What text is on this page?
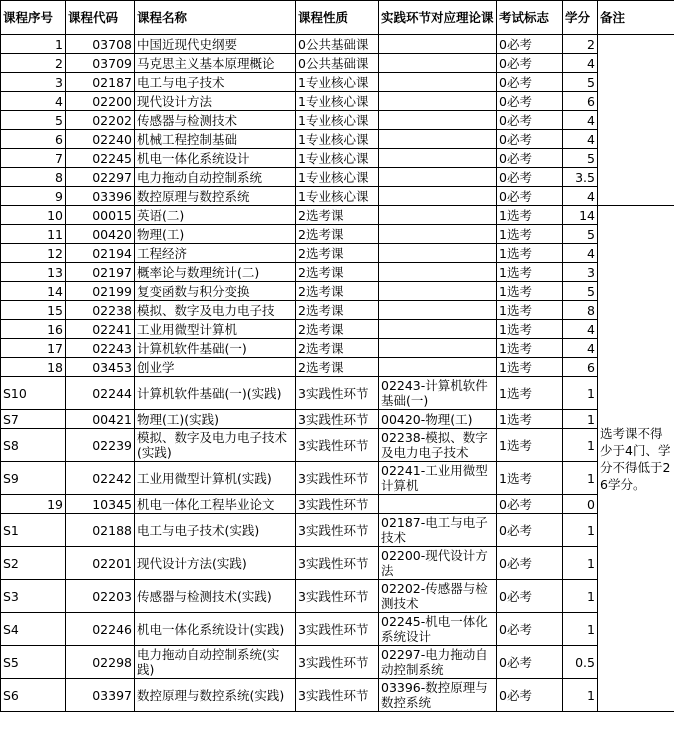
课程序号	课程代码	课程名称	课程性质	实践环节对应理论课	考试标志	学分	备注
1	03708	中国近现代史纲要	0公共基础课		0必考	2	
2	03709	马克思主义基本原理概论	0公共基础课		0必考	4	
3	02187	电工与电子技术	1专业核心课		0必考	5	
4	02200	现代设计方法	1专业核心课		0必考	6	
5	02202	传感器与检测技术	1专业核心课		0必考	4	
6	02240	机械工程控制基础	1专业核心课		0必考	4	
7	02245	机电一体化系统设计	1专业核心课		0必考	5	
8	02297	电力拖动自动控制系统	1专业核心课		0必考	3.5	
9	03396	数控原理与数控系统	1专业核心课		0必考	4	
10	00015	英语(二)	2选考课		1选考	14	选考课不得少于4门、学分不得低于26学分。
11	00420	物理(工)	2选考课		1选考	5	
12	02194	工程经济	2选考课		1选考	4	
13	02197	概率论与数理统计(二)	2选考课		1选考	3	
14	02199	复变函数与积分变换	2选考课		1选考	5	
15	02238	模拟、数字及电力电子技	2选考课		1选考	8	
16	02241	工业用微型计算机	2选考课		1选考	4	
17	02243	计算机软件基础(一)	2选考课		1选考	4	
18	03453	创业学	2选考课		1选考	6	
S10	02244	计算机软件基础(一)(实践)	3实践性环节	02243-计算机软件基础(一)	1选考	1	
S7	00421	物理(工)(实践)	3实践性环节	00420-物理(工)	1选考	1	
S8	02239	模拟、数字及电力电子技术(实践)	3实践性环节	02238-模拟、数字及电力电子技术	1选考	1	
S9	02242	工业用微型计算机(实践)	3实践性环节	02241-工业用微型计算机	1选考	1	
19	10345	机电一体化工程毕业论文	3实践性环节		0必考	0	
S1	02188	电工与电子技术(实践)	3实践性环节	02187-电工与电子技术	0必考	1	
S2	02201	现代设计方法(实践)	3实践性环节	02200-现代设计方法	0必考	1	
S3	02203	传感器与检测技术(实践)	3实践性环节	02202-传感器与检测技术	0必考	1	
S4	02246	机电一体化系统设计(实践)	3实践性环节	02245-机电一体化系统设计	0必考	1	
S5	02298	电力拖动自动控制系统(实践)	3实践性环节	02297-电力拖动自动控制系统	0必考	0.5	
S6	03397	数控原理与数控系统(实践)	3实践性环节	03396-数控原理与数控系统	0必考	1	
